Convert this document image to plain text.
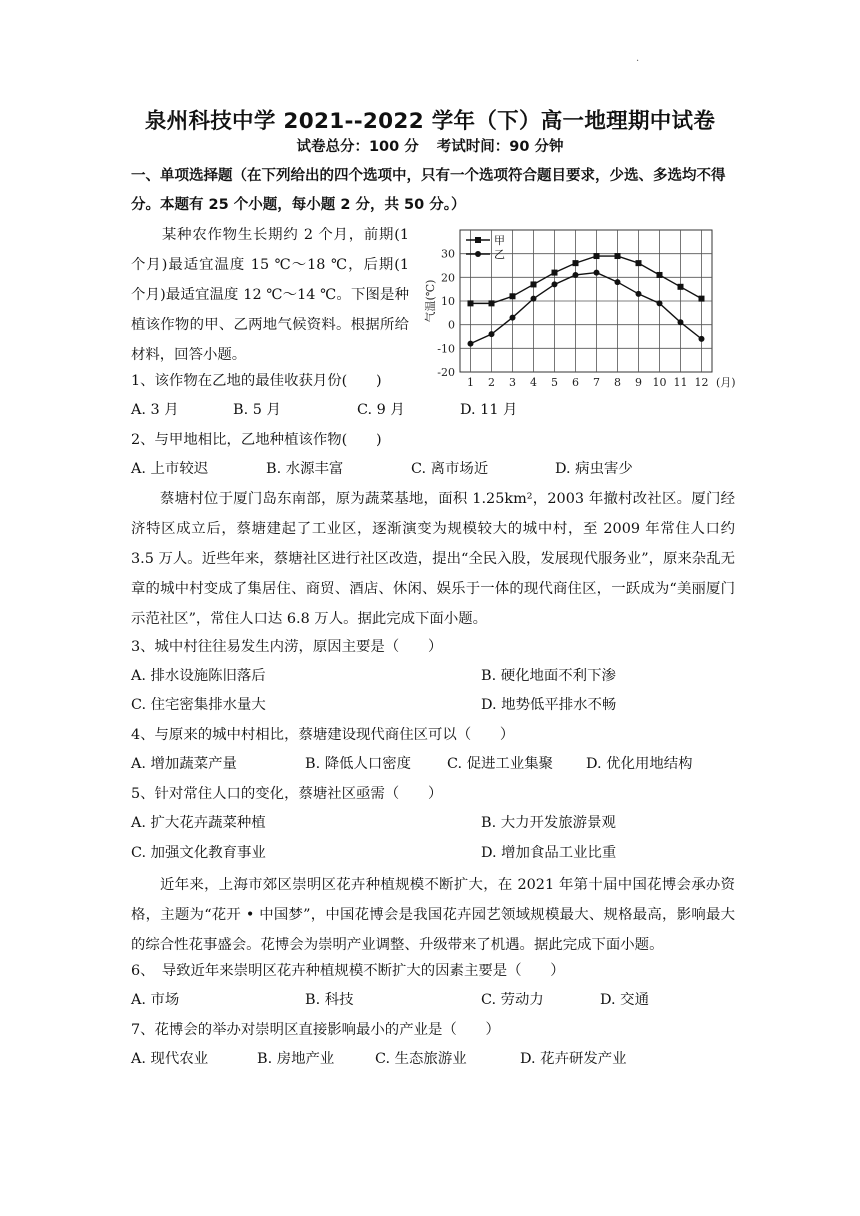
·
泉州科技中学 2021--2022 学年（下）高一地理期中试卷
试卷总分：100 分 考试时间：90 分钟
一、单项选择题（在下列给出的四个选项中，只有一个选项符合题目要求，少选、多选均不得分。本题有 25 个小题，每小题 2 分，共 50 分。）
某种农作物生长期约 2 个月，前期(1 个月)最适宜温度 15 ℃～18 ℃，后期(1 个月)最适宜温度 12 ℃～14 ℃。下图是种植该作物的甲、乙两地气候资料。根据所给材料，回答小题。
30
20
10
0
-10
-20
1 2 3 4 5 6 7 8 9 10 11 12 (月)
气温(℃)
甲
乙
1、该作物在乙地的最佳收获月份(　　)
A. 3 月	B. 5 月	C. 9 月	D. 11 月
2、与甲地相比，乙地种植该作物(　　)
A. 上市较迟	B. 水源丰富	C. 离市场近	D. 病虫害少
蔡塘村位于厦门岛东南部，原为蔬菜基地，面积 1.25km²，2003 年撤村改社区。厦门经济特区成立后，蔡塘建起了工业区，逐渐演变为规模较大的城中村，至 2009 年常住人口约 3.5 万人。近些年来，蔡塘社区进行社区改造，提出“全民入股，发展现代服务业”，原来杂乱无章的城中村变成了集居住、商贸、酒店、休闲、娱乐于一体的现代商住区，一跃成为“美丽厦门示范社区”，常住人口达 6.8 万人。据此完成下面小题。
3、城中村往往易发生内涝，原因主要是（　　）
A. 排水设施陈旧落后	B. 硬化地面不利下渗
C. 住宅密集排水量大	D. 地势低平排水不畅
4、与原来的城中村相比，蔡塘建设现代商住区可以（　　）
A. 增加蔬菜产量	B. 降低人口密度 C. 促进工业集聚 D. 优化用地结构
5、针对常住人口的变化，蔡塘社区亟需（　　）
A. 扩大花卉蔬菜种植	B. 大力开发旅游景观
C. 加强文化教育事业	D. 增加食品工业比重
近年来，上海市郊区崇明区花卉种植规模不断扩大，在 2021 年第十届中国花博会承办资格，主题为“花开 • 中国梦”，中国花博会是我国花卉园艺领域规模最大、规格最高，影响最大的综合性花事盛会。花博会为崇明产业调整、升级带来了机遇。据此完成下面小题。
6、　导致近年来崇明区花卉种植规模不断扩大的因素主要是（　　）
A. 市场	B. 科技	C. 劳动力	D. 交通
7、花博会的举办对崇明区直接影响最小的产业是（　　）
A. 现代农业	B. 房地产业	C. 生态旅游业	D. 花卉研发产业
